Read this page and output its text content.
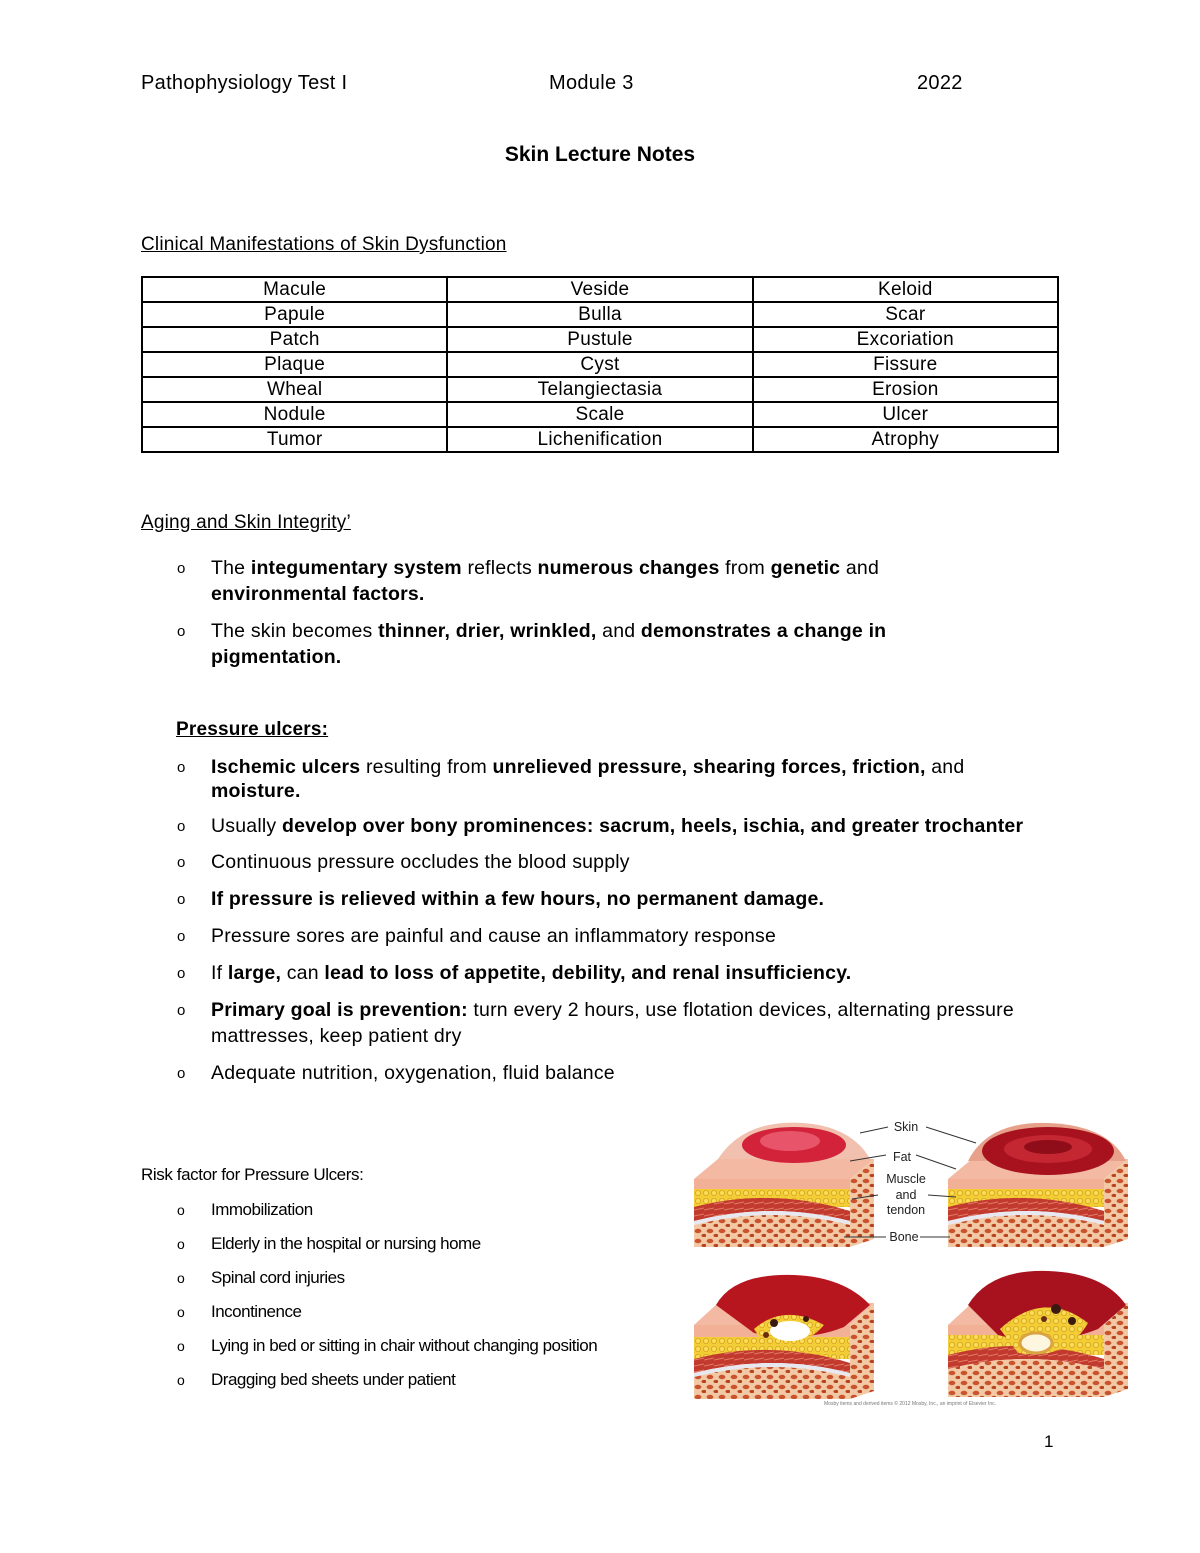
Pathophysiology Test I	Module 3	2022
Skin Lecture Notes
Clinical Manifestations of Skin Dysfunction
Macule	Veside	Keloid
Papule	Bulla	Scar
Patch	Pustule	Excoriation
Plaque	Cyst	Fissure
Wheal	Telangiectasia	Erosion
Nodule	Scale	Ulcer
Tumor	Lichenification	Atrophy
Aging and Skin Integrity’
o The integumentary system reflects numerous changes from genetic and environmental factors.
o The skin becomes thinner, drier, wrinkled, and demonstrates a change in pigmentation.
Pressure ulcers:
o Ischemic ulcers resulting from unrelieved pressure, shearing forces, friction, and moisture.
o Usually develop over bony prominences: sacrum, heels, ischia, and greater trochanter
o Continuous pressure occludes the blood supply
o If pressure is relieved within a few hours, no permanent damage.
o Pressure sores are painful and cause an inflammatory response
o If large, can lead to loss of appetite, debility, and renal insufficiency.
o Primary goal is prevention: turn every 2 hours, use flotation devices, alternating pressure mattresses, keep patient dry
o Adequate nutrition, oxygenation, fluid balance
Risk factor for Pressure Ulcers:
o Immobilization
o Elderly in the hospital or nursing home
o Spinal cord injuries
o Incontinence
o Lying in bed or sitting in chair without changing position
o Dragging bed sheets under patient
Skin
Fat
Muscle
and
tendon
Bone
Mosby items and derived items © 2012 Mosby, Inc., an imprint of Elsevier Inc.
1
